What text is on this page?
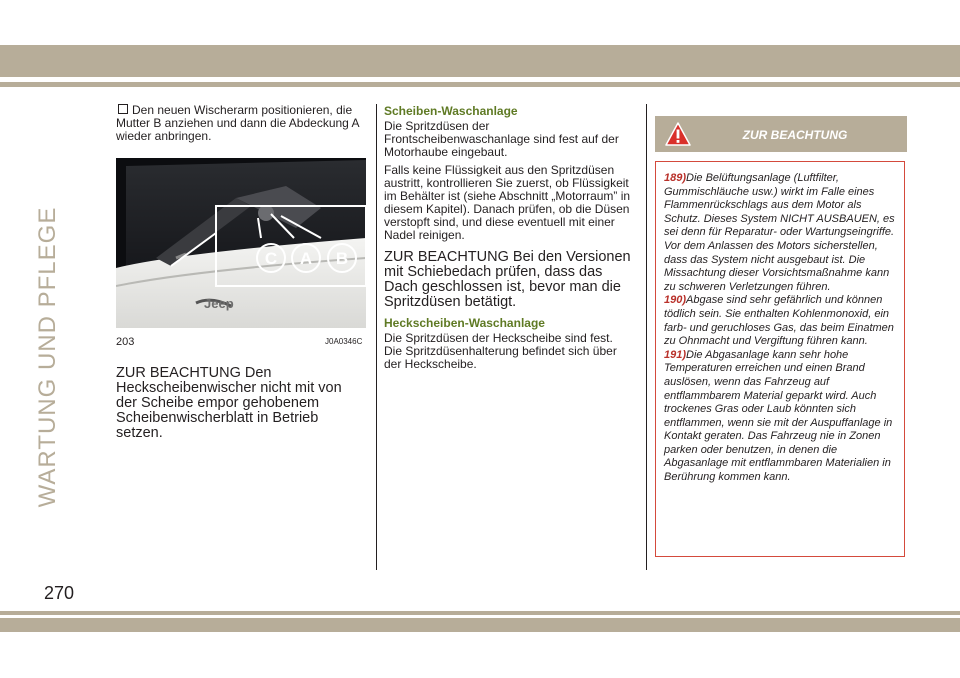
WARTUNG UND PFLEGE

Den neuen Wischerarm positionieren, die Mutter B anziehen und dann die Abdeckung A wieder anbringen.

Jeep
C A B
203	J0A0346C
ZUR BEACHTUNG Den Heckscheibenwischer nicht mit von der Scheibe empor gehobenem Scheibenwischerblatt in Betrieb setzen.

Scheiben-Waschanlage

Die Spritzdüsen der Frontscheibenwaschanlage sind fest auf der Motorhaube eingebaut.

Falls keine Flüssigkeit aus den Spritzdüsen austritt, kontrollieren Sie zuerst, ob Flüssigkeit im Behälter ist (siehe Abschnitt „Motorraum” in diesem Kapitel). Danach prüfen, ob die Düsen verstopft sind, und diese eventuell mit einer Nadel reinigen.

ZUR BEACHTUNG Bei den Versionen mit Schiebedach prüfen, dass das Dach geschlossen ist, bevor man die Spritzdüsen betätigt.

Heckscheiben-Waschanlage

Die Spritzdüsen der Heckscheibe sind fest. Die Spritzdüsenhalterung befindet sich über der Heckscheibe.

ZUR BEACHTUNG

189)Die Belüftungsanlage (Luftfilter, Gummischläuche usw.) wirkt im Falle eines Flammenrückschlags aus dem Motor als Schutz. Dieses System NICHT AUSBAUEN, es sei denn für Reparatur- oder Wartungseingriffe. Vor dem Anlassen des Motors sicherstellen, dass das System nicht ausgebaut ist. Die Missachtung dieser Vorsichtsmaßnahme kann zu schweren Verletzungen führen.

190)Abgase sind sehr gefährlich und können tödlich sein. Sie enthalten Kohlenmonoxid, ein farb- und geruchloses Gas, das beim Einatmen zu Ohnmacht und Vergiftung führen kann.

191)Die Abgasanlage kann sehr hohe Temperaturen erreichen und einen Brand auslösen, wenn das Fahrzeug auf entflammbarem Material geparkt wird. Auch trockenes Gras oder Laub könnten sich entflammen, wenn sie mit der Auspuffanlage in Kontakt geraten. Das Fahrzeug nie in Zonen parken oder benutzen, in denen die Abgasanlage mit entflammbaren Materialien in Berührung kommen kann.

270
